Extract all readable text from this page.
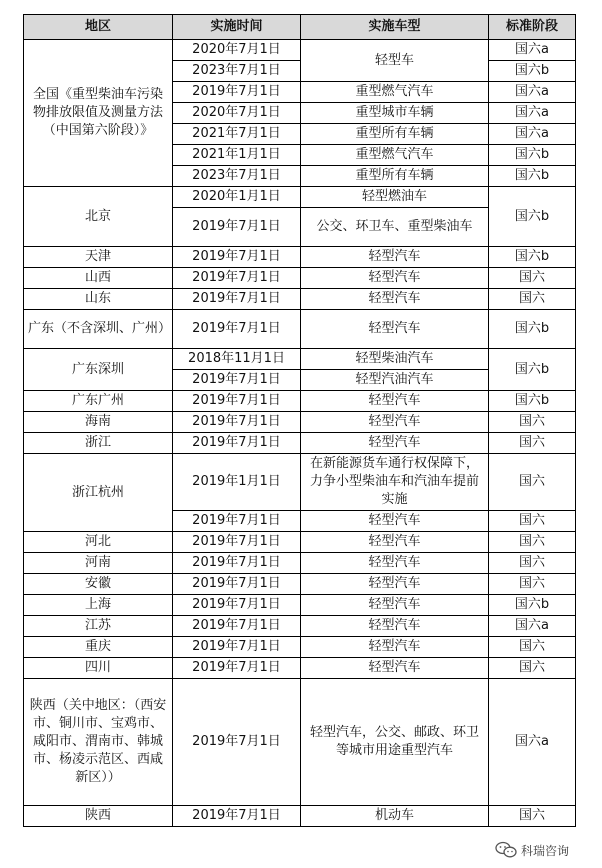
地区	实施时间	实施车型	标准阶段
全国《重型柴油车污染物排放限值及测量方法（中国第六阶段）》	2020年7月1日	轻型车	国六a
	2023年7月1日		国六b
	2019年7月1日	重型燃气汽车	国六a
	2020年7月1日	重型城市车辆	国六a
	2021年7月1日	重型所有车辆	国六a
	2021年1月1日	重型燃气汽车	国六b
	2023年7月1日	重型所有车辆	国六b
北京	2020年1月1日	轻型燃油车	国六b
	2019年7月1日	公交、环卫车、重型柴油车	
天津	2019年7月1日	轻型汽车	国六b
山西	2019年7月1日	轻型汽车	国六
山东	2019年7月1日	轻型汽车	国六
广东（不含深圳、广州）	2019年7月1日	轻型汽车	国六b
广东深圳	2018年11月1日	轻型柴油汽车	国六b
	2019年7月1日	轻型汽油汽车	
广东广州	2019年7月1日	轻型汽车	国六b
海南	2019年7月1日	轻型汽车	国六
浙江	2019年7月1日	轻型汽车	国六
浙江杭州	2019年1月1日	在新能源货车通行权保障下，力争小型柴油车和汽油车提前实施	国六
	2019年7月1日	轻型汽车	国六
河北	2019年7月1日	轻型汽车	国六
河南	2019年7月1日	轻型汽车	国六
安徽	2019年7月1日	轻型汽车	国六
上海	2019年7月1日	轻型汽车	国六b
江苏	2019年7月1日	轻型汽车	国六a
重庆	2019年7月1日	轻型汽车	国六
四川	2019年7月1日	轻型汽车	国六
陕西（关中地区：（西安市、铜川市、宝鸡市、咸阳市、渭南市、韩城市、杨凌示范区、西咸新区））	2019年7月1日	轻型汽车，公交、邮政、环卫等城市用途重型汽车	国六a
陕西	2019年7月1日	机动车	国六
科瑞咨询
